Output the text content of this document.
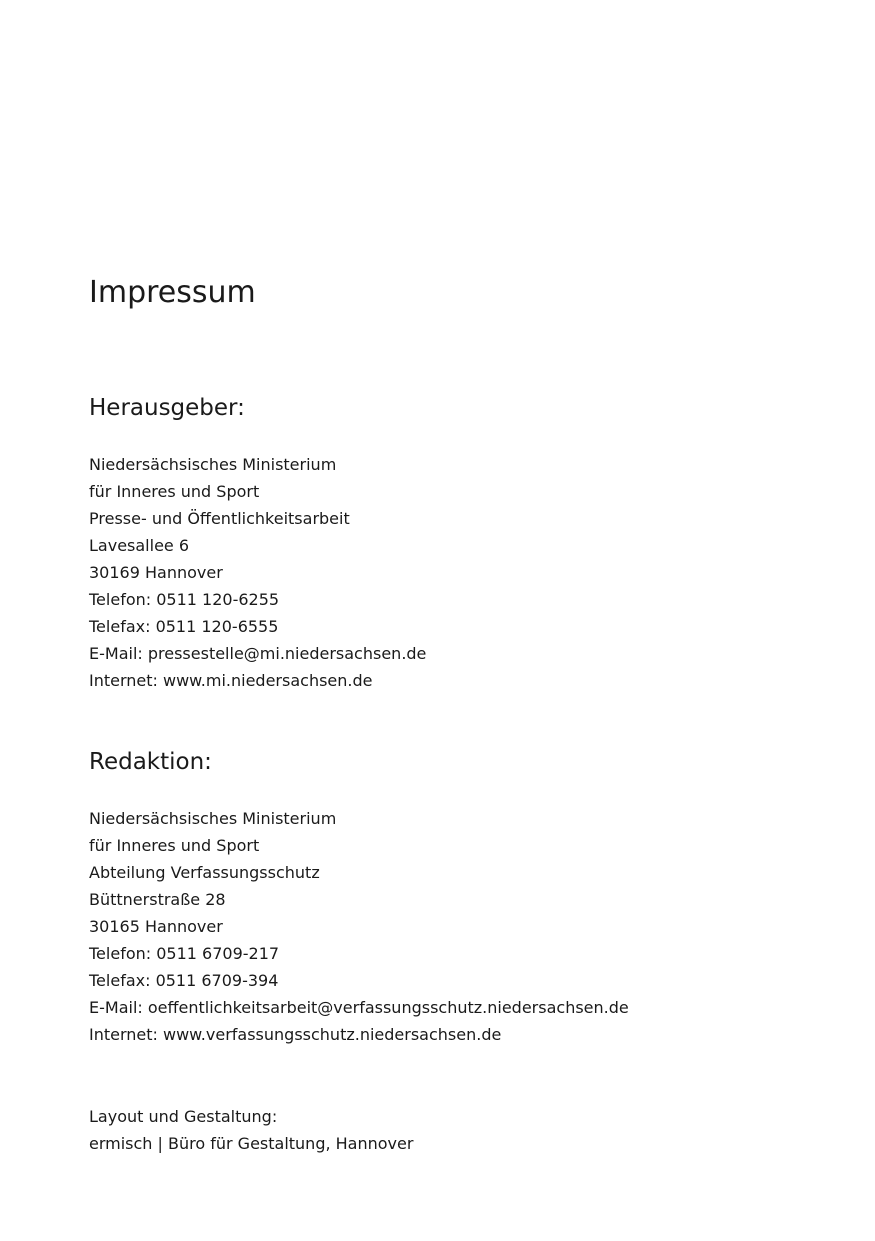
Impressum
Herausgeber:
Niedersächsisches Ministerium
für Inneres und Sport
Presse- und Öffentlichkeitsarbeit
Lavesallee 6
30169 Hannover
Telefon: 0511 120-6255
Telefax: 0511 120-6555
E-Mail: pressestelle@mi.niedersachsen.de
Internet: www.mi.niedersachsen.de
Redaktion:
Niedersächsisches Ministerium
für Inneres und Sport
Abteilung Verfassungsschutz
Büttnerstraße 28
30165 Hannover
Telefon: 0511 6709-217
Telefax: 0511 6709-394
E-Mail: oeffentlichkeitsarbeit@verfassungsschutz.niedersachsen.de
Internet: www.verfassungsschutz.niedersachsen.de
Layout und Gestaltung:
ermisch | Büro für Gestaltung, Hannover
